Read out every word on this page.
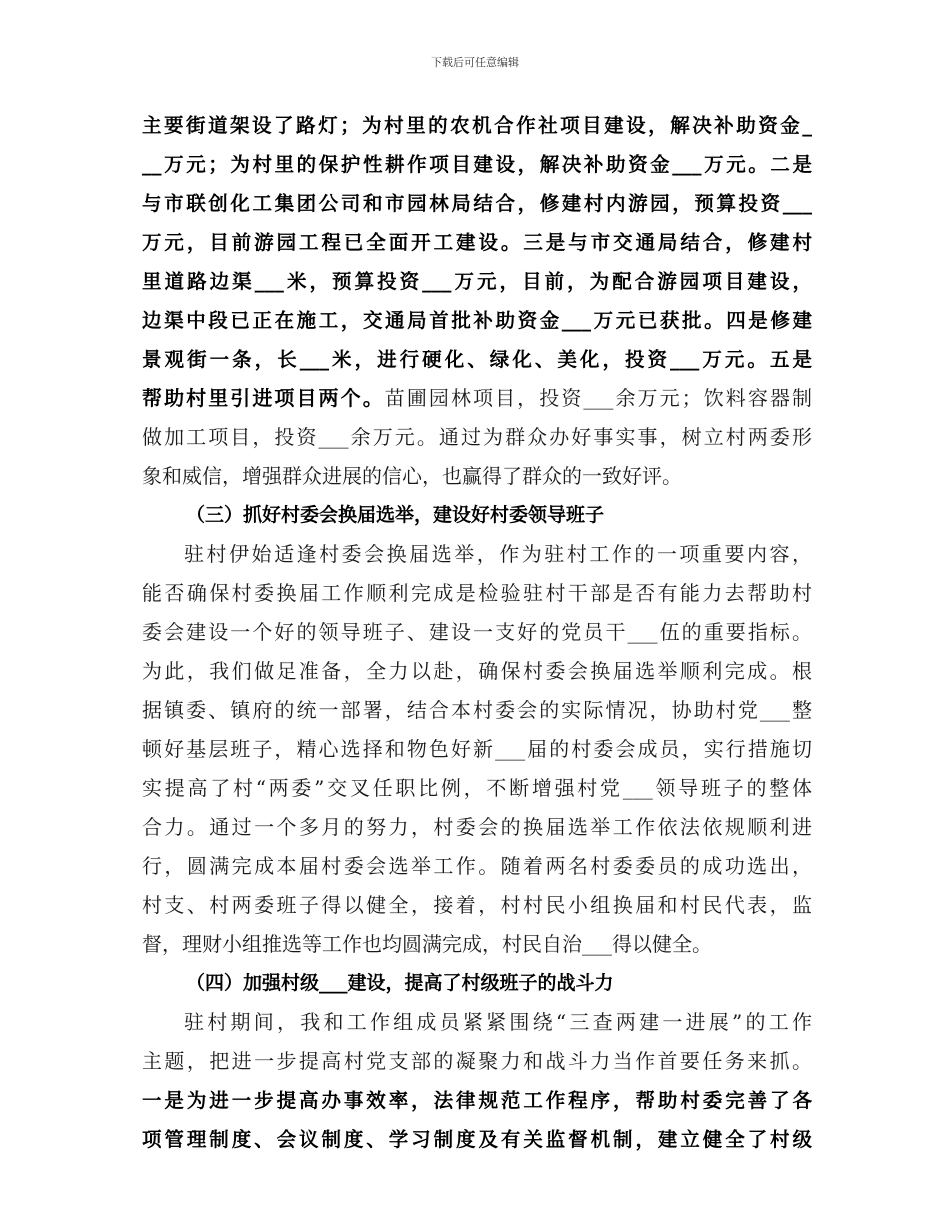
下载后可任意编辑
主要街道架设了路灯；为村里的农机合作社项目建设，解决补助资金_
__万元；为村里的保护性耕作项目建设，解决补助资金___万元。二是
与市联创化工集团公司和市园林局结合，修建村内游园，预算投资___
万元，目前游园工程已全面开工建设。三是与市交通局结合，修建村
里道路边渠___米，预算投资___万元，目前，为配合游园项目建设，
边渠中段已正在施工，交通局首批补助资金___万元已获批。四是修建
景观街一条，长___米，进行硬化、绿化、美化，投资___万元。五是
帮助村里引进项目两个。苗圃园林项目，投资___余万元；饮料容器制
做加工项目，投资___余万元。通过为群众办好事实事，树立村两委形
象和威信，增强群众进展的信心，也赢得了群众的一致好评。
（三）抓好村委会换届选举，建设好村委领导班子
驻村伊始适逢村委会换届选举，作为驻村工作的一项重要内容，
能否确保村委换届工作顺利完成是检验驻村干部是否有能力去帮助村
委会建设一个好的领导班子、建设一支好的党员干___伍的重要指标。
为此，我们做足准备，全力以赴，确保村委会换届选举顺利完成。根
据镇委、镇府的统一部署，结合本村委会的实际情况，协助村党___整
顿好基层班子，精心选择和物色好新___届的村委会成员，实行措施切
实提高了村“两委”交叉任职比例，不断增强村党___领导班子的整体
合力。通过一个多月的努力，村委会的换届选举工作依法依规顺利进
行，圆满完成本届村委会选举工作。随着两名村委委员的成功选出，
村支、村两委班子得以健全，接着，村村民小组换届和村民代表，监
督，理财小组推选等工作也均圆满完成，村民自治___得以健全。
（四）加强村级___建设，提高了村级班子的战斗力
驻村期间，我和工作组成员紧紧围绕“三查两建一进展”的工作
主题，把进一步提高村党支部的凝聚力和战斗力当作首要任务来抓。
一是为进一步提高办事效率，法律规范工作程序，帮助村委完善了各
项管理制度、会议制度、学习制度及有关监督机制，建立健全了村级
